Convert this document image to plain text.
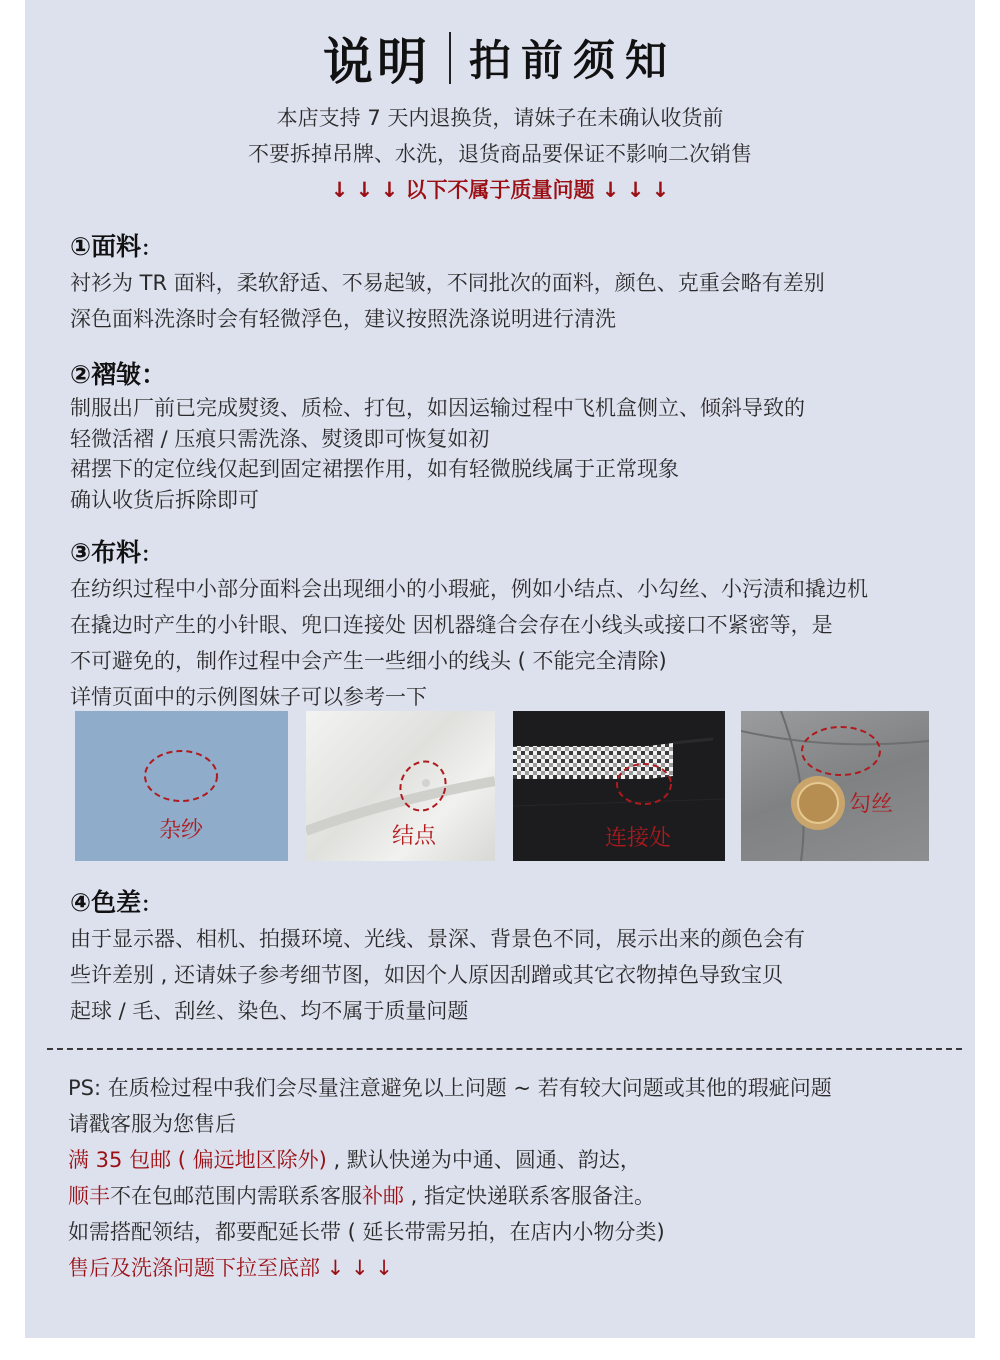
说明 拍前须知
本店支持 7 天内退换货，请妹子在未确认收货前
不要拆掉吊牌、水洗，退货商品要保证不影响二次销售
↓ ↓ ↓ 以下不属于质量问题 ↓ ↓ ↓
①面料：
衬衫为 TR 面料，柔软舒适、不易起皱，不同批次的面料，颜色、克重会略有差别
深色面料洗涤时会有轻微浮色，建议按照洗涤说明进行清洗
②褶皱：
制服出厂前已完成熨烫、质检、打包，如因运输过程中飞机盒侧立、倾斜导致的
轻微活褶 / 压痕只需洗涤、熨烫即可恢复如初
裙摆下的定位线仅起到固定裙摆作用，如有轻微脱线属于正常现象
确认收货后拆除即可
③布料：
在纺织过程中小部分面料会出现细小的小瑕疵，例如小结点、小勾丝、小污渍和撬边机
在撬边时产生的小针眼、兜口连接处 因机器缝合会存在小线头或接口不紧密等，是
不可避免的，制作过程中会产生一些细小的线头 ( 不能完全清除)
详情页面中的示例图妹子可以参考一下
杂纱	结点	连接处
勾丝
④色差：
由于显示器、相机、拍摄环境、光线、景深、背景色不同，展示出来的颜色会有
些许差别 , 还请妹子参考细节图，如因个人原因刮蹭或其它衣物掉色导致宝贝
起球 / 毛、刮丝、染色、均不属于质量问题
PS: 在质检过程中我们会尽量注意避免以上问题 ~ 若有较大问题或其他的瑕疵问题
请戳客服为您售后
满 35 包邮 ( 偏远地区除外) , 默认快递为中通、圆通、韵达，
顺丰不在包邮范围内需联系客服补邮 , 指定快递联系客服备注。
如需搭配领结，都要配延长带 ( 延长带需另拍，在店内小物分类)
售后及洗涤问题下拉至底部 ↓ ↓ ↓
